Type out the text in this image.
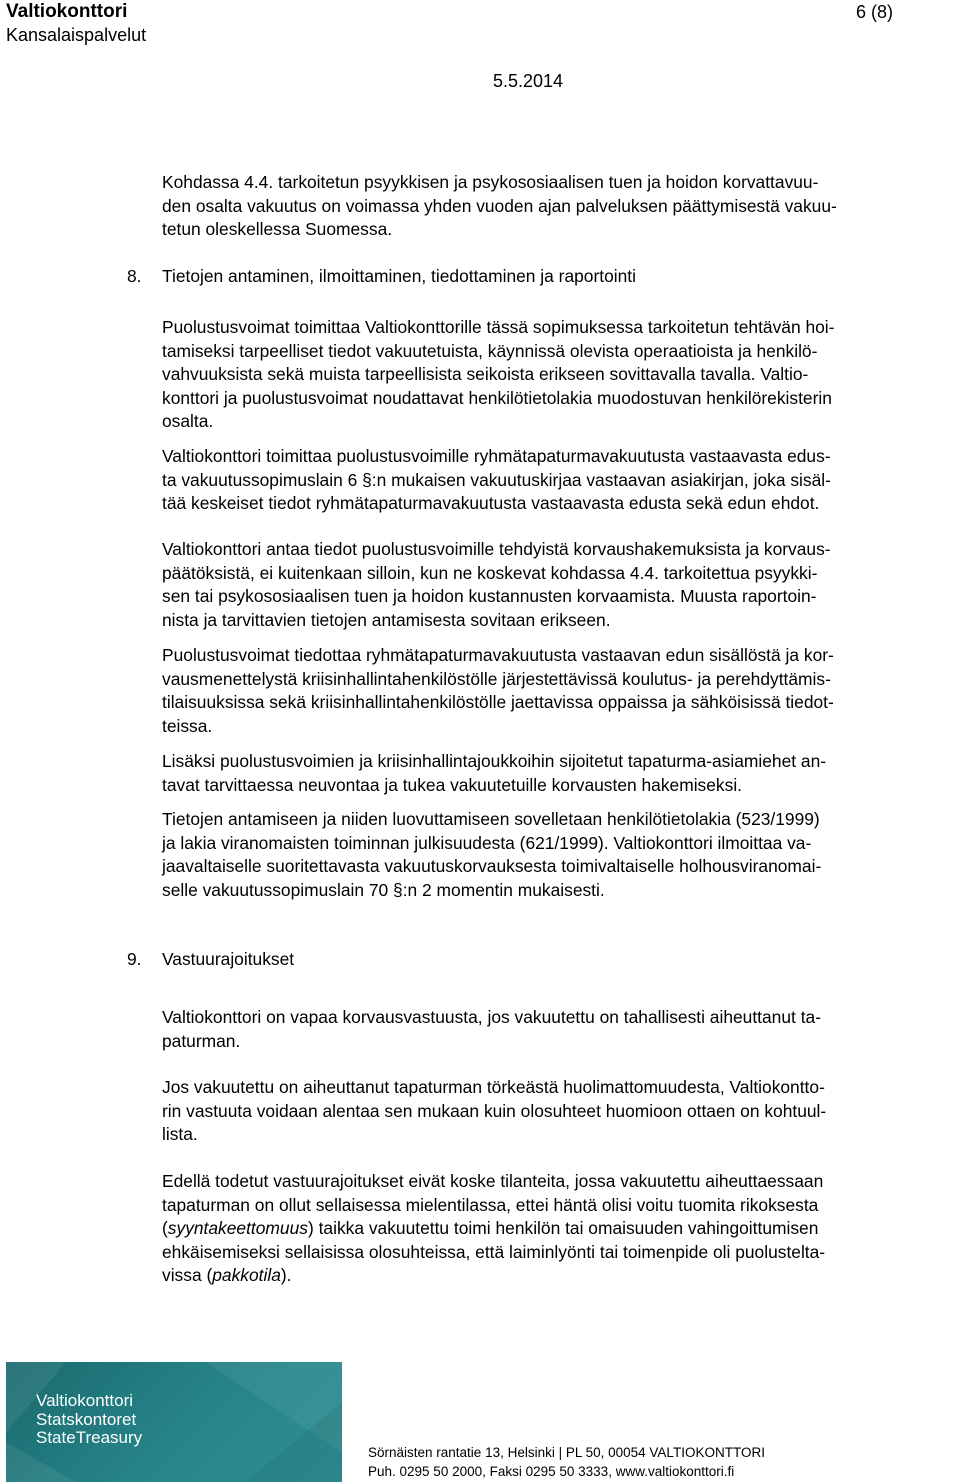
Valtiokonttori
Kansalaispalvelut
6 (8)
5.5.2014

Kohdassa 4.4. tarkoitetun psyykkisen ja psykososiaalisen tuen ja hoidon korvattavuu-
den osalta vakuutus on voimassa yhden vuoden ajan palveluksen päättymisestä vakuu-
tetun oleskellessa Suomessa.

8. Tietojen antaminen, ilmoittaminen, tiedottaminen ja raportointi

Puolustusvoimat toimittaa Valtiokonttorille tässä sopimuksessa tarkoitetun tehtävän hoi-
tamiseksi tarpeelliset tiedot vakuutetuista, käynnissä olevista operaatioista ja henkilö-
vahvuuksista sekä muista tarpeellisista seikoista erikseen sovittavalla tavalla. Valtio-
konttori ja puolustusvoimat noudattavat henkilötietolakia muodostuvan henkilörekisterin
osalta.

Valtiokonttori toimittaa puolustusvoimille ryhmätapaturmavakuutusta vastaavasta edus-
ta vakuutussopimuslain 6 §:n mukaisen vakuutuskirjaa vastaavan asiakirjan, joka sisäl-
tää keskeiset tiedot ryhmätapaturmavakuutusta vastaavasta edusta sekä edun ehdot.

Valtiokonttori antaa tiedot puolustusvoimille tehdyistä korvaushakemuksista ja korvaus-
päätöksistä, ei kuitenkaan silloin, kun ne koskevat kohdassa 4.4. tarkoitettua psyykki-
sen tai psykososiaalisen tuen ja hoidon kustannusten korvaamista. Muusta raportoin-
nista ja tarvittavien tietojen antamisesta sovitaan erikseen.

Puolustusvoimat tiedottaa ryhmätapaturmavakuutusta vastaavan edun sisällöstä ja kor-
vausmenettelystä kriisinhallintahenkilöstölle järjestettävissä koulutus- ja perehdyttämis-
tilaisuuksissa sekä kriisinhallintahenkilöstölle jaettavissa oppaissa ja sähköisissä tiedot-
teissa.

Lisäksi puolustusvoimien ja kriisinhallintajoukkoihin sijoitetut tapaturma-asiamiehet an-
tavat tarvittaessa neuvontaa ja tukea vakuutetuille korvausten hakemiseksi.

Tietojen antamiseen ja niiden luovuttamiseen sovelletaan henkilötietolakia (523/1999)
ja lakia viranomaisten toiminnan julkisuudesta (621/1999). Valtiokonttori ilmoittaa va-
jaavaltaiselle suoritettavasta vakuutuskorvauksesta toimivaltaiselle holhousviranomai-
selle vakuutussopimuslain 70 §:n 2 momentin mukaisesti.

9. Vastuurajoitukset

Valtiokonttori on vapaa korvausvastuusta, jos vakuutettu on tahallisesti aiheuttanut ta-
paturman.

Jos vakuutettu on aiheuttanut tapaturman törkeästä huolimattomuudesta, Valtiokontto-
rin vastuuta voidaan alentaa sen mukaan kuin olosuhteet huomioon ottaen on kohtuul-
lista.

Edellä todetut vastuurajoitukset eivät koske tilanteita, jossa vakuutettu aiheuttaessaan
tapaturman on ollut sellaisessa mielentilassa, ettei häntä olisi voitu tuomita rikoksesta
(syyntakeettomuus) taikka vakuutettu toimi henkilön tai omaisuuden vahingoittumisen
ehkäisemiseksi sellaisissa olosuhteissa, että laiminlyönti tai toimenpide oli puolustelta-
vissa (pakkotila).

Valtiokonttori
Statskontoret
StateTreasury
Sörnäisten rantatie 13, Helsinki | PL 50, 00054 VALTIOKONTTORI
Puh. 0295 50 2000, Faksi 0295 50 3333, www.valtiokonttori.fi
